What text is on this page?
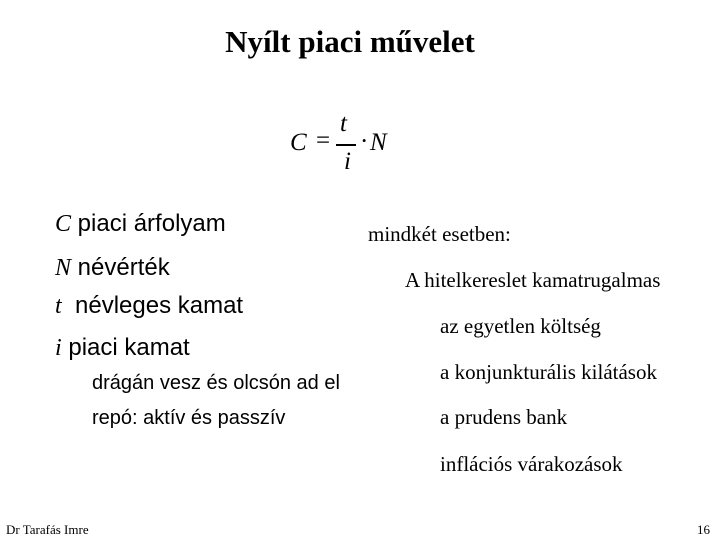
Nyílt piaci művelet
C =
t
i
· N
C piaci árfolyam
N névérték
t  névleges kamat
i piaci kamat
drágán vesz és olcsón ad el
repó: aktív és passzív
mindkét esetben:
A hitelkereslet kamatrugalmas
az egyetlen költség
a konjunkturális kilátások
a prudens bank
inflációs várakozások
Dr Tarafás Imre	16
